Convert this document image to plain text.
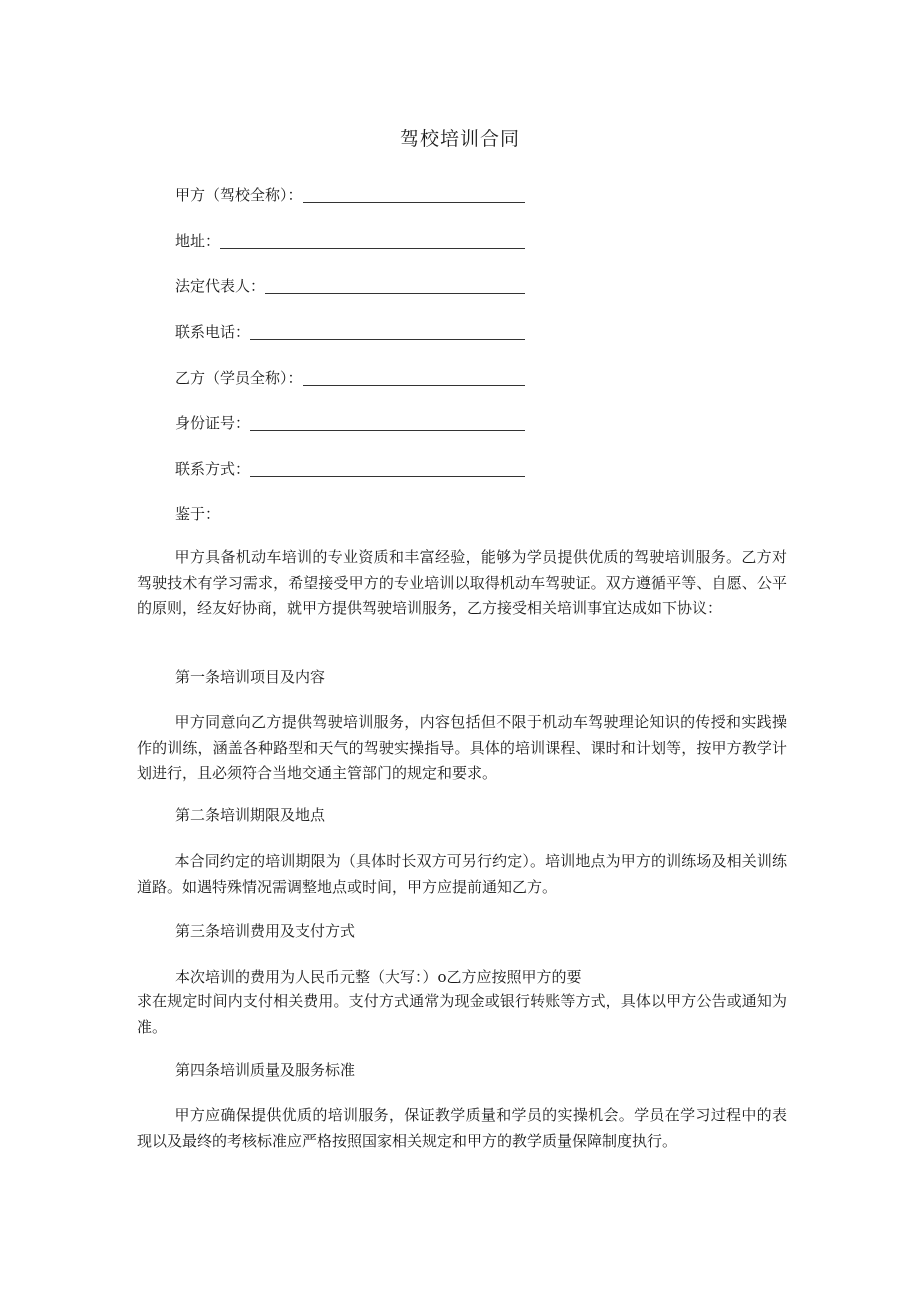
驾校培训合同
甲方（驾校全称）：
地址：
法定代表人：
联系电话：
乙方（学员全称）：
身份证号：
联系方式：
鉴于：
甲方具备机动车培训的专业资质和丰富经验，能够为学员提供优质的驾驶培训服务。乙方对驾驶技术有学习需求，希望接受甲方的专业培训以取得机动车驾驶证。双方遵循平等、自愿、公平的原则，经友好协商，就甲方提供驾驶培训服务，乙方接受相关培训事宜达成如下协议：
第一条培训项目及内容
甲方同意向乙方提供驾驶培训服务，内容包括但不限于机动车驾驶理论知识的传授和实践操作的训练，涵盖各种路型和天气的驾驶实操指导。具体的培训课程、课时和计划等，按甲方教学计划进行，且必须符合当地交通主管部门的规定和要求。
第二条培训期限及地点
本合同约定的培训期限为（具体时长双方可另行约定）。培训地点为甲方的训练场及相关训练道路。如遇特殊情况需调整地点或时间，甲方应提前通知乙方。
第三条培训费用及支付方式
本次培训的费用为人民币元整（大写：）o乙方应按照甲方的要
求在规定时间内支付相关费用。支付方式通常为现金或银行转账等方式，具体以甲方公告或通知为准。
第四条培训质量及服务标准
甲方应确保提供优质的培训服务，保证教学质量和学员的实操机会。学员在学习过程中的表现以及最终的考核标准应严格按照国家相关规定和甲方的教学质量保障制度执行。
